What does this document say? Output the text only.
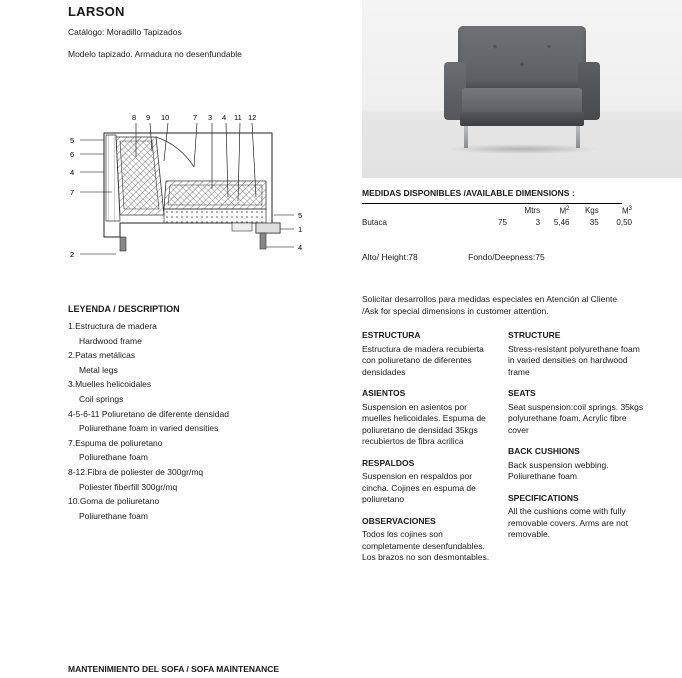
LARSON
Catálogo: Moradillo Tapizados
Modelo tapizado. Armadura no desenfundable
8 9 10	7 3 4 11 12
5
6
4
7
2
5
1
4
MEDIDAS DISPONIBLES /AVAILABLE DIMENSIONS :
		Mtrs	$M^2$	Kgs	$M^3$
Butaca	75	3	5,46	35	0,50
Alto/ Height:78	Fondo/Deepness:75
Solicitar desarrollos para medidas especiales en Atención al Cliente /Ask for special dimensions in customer attention.
LEYENDA / DESCRIPTION
1.Estructura de madera
Hardwood frame
2.Patas metálicas
Metal legs
3.Muelles helicoidales
Coil springs
4-5-6-11 Poliuretano de diferente densidad
Poliurethane foam in varied densities
7.Espuma de poliuretano
Poliurethane foam
8-12.Fibra de poliester de 300gr/mq
Poliester fiberfill 300gr/mq
10.Goma de poliuretano
Poliurethane foam
ESTRUCTURA

Estructura de madera recubierta con poliuretano de diferentes densidades

ASIENTOS

Suspension en asientos por muelles helicoidales. Espuma de poliuretano de densidad 35kgs recubiertos de fibra acrilica

RESPALDOS

Suspension en respaldos por cincha. Cojines en espuma de poliuretano

OBSERVACIONES

Todos los cojines son completamente desenfundables. Los brazos no son desmontables.

STRUCTURE

Stress-resistant polyurethane foam in varied densities on hardwood frame

SEATS

Seat suspension:coil springs. 35kgs polyurethane foam. Acrylic fibre cover

BACK CUSHIONS

Back suspension webbing. Poliurethane foam

SPECIFICATIONS

All the cushions come with fully removable covers. Arms are not removable.

MANTENIMIENTO DEL SOFA / SOFA MAINTENANCE
